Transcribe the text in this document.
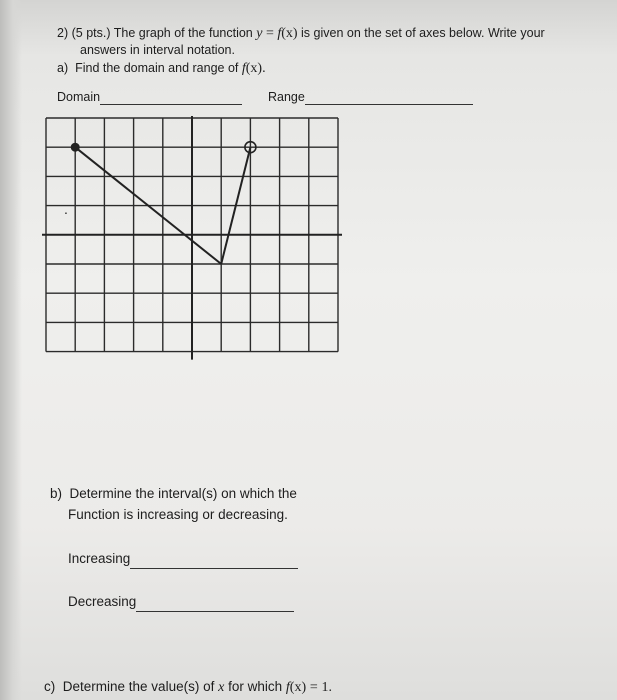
2) (5 pts.) The graph of the function y = f(x) is given on the set of axes below. Write your
answers in interval notation.
a) Find the domain and range of f(x).
Domain	Range
.
b) Determine the interval(s) on which the
Function is increasing or decreasing.
Increasing
Decreasing
c) Determine the value(s) of x for which f(x) = 1.
